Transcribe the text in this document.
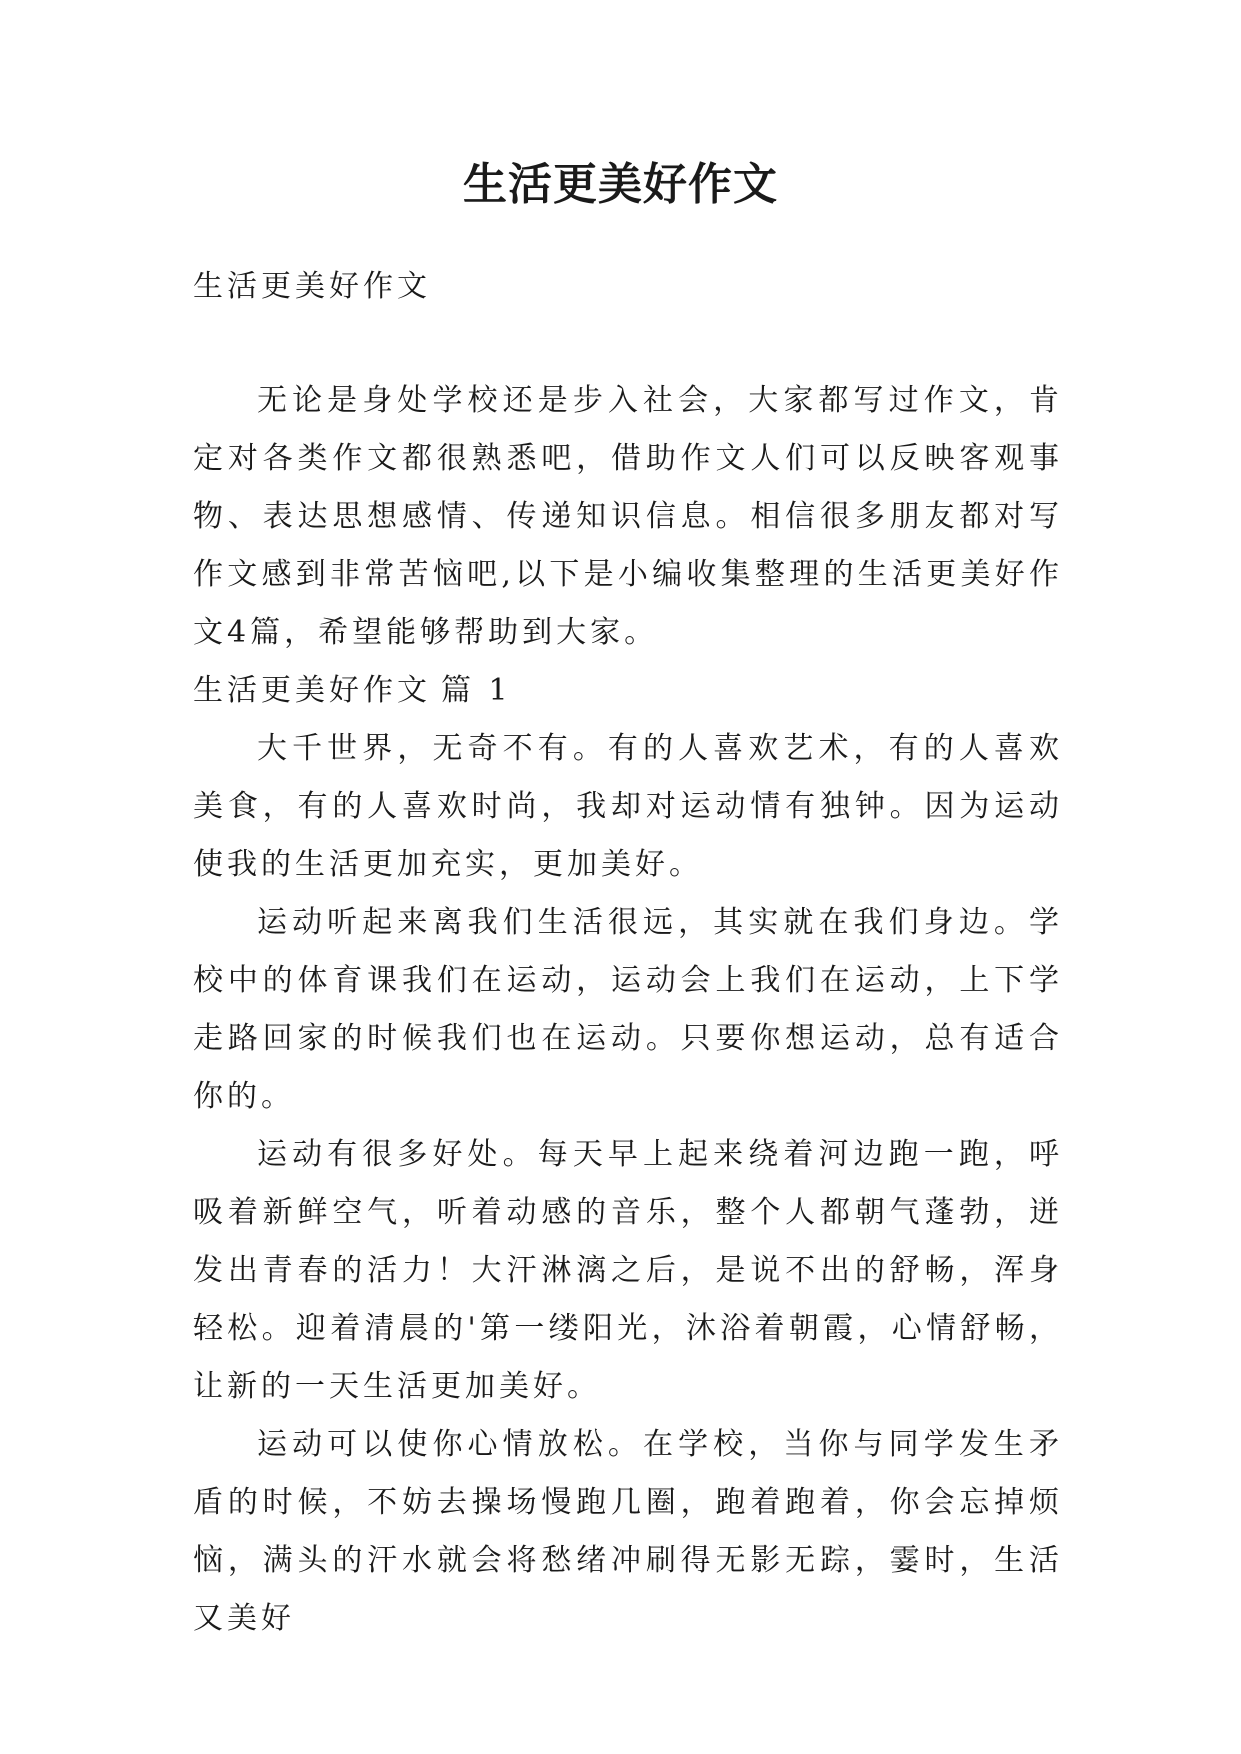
生活更美好作文

生活更美好作文

无论是身处学校还是步入社会，大家都写过作文，肯定对各类作文都很熟悉吧，借助作文人们可以反映客观事物、表达思想感情、传递知识信息。相信很多朋友都对写作文感到非常苦恼吧,以下是小编收集整理的生活更美好作文4篇，希望能够帮助到大家。

生活更美好作文 篇 1

大千世界，无奇不有。有的人喜欢艺术，有的人喜欢美食，有的人喜欢时尚，我却对运动情有独钟。因为运动使我的生活更加充实，更加美好。

运动听起来离我们生活很远，其实就在我们身边。学校中的体育课我们在运动，运动会上我们在运动，上下学走路回家的时候我们也在运动。只要你想运动，总有适合你的。

运动有很多好处。每天早上起来绕着河边跑一跑，呼吸着新鲜空气，听着动感的音乐，整个人都朝气蓬勃，迸发出青春的活力！大汗淋漓之后，是说不出的舒畅，浑身轻松。迎着清晨的'第一缕阳光，沐浴着朝霞，心情舒畅，让新的一天生活更加美好。

运动可以使你心情放松。在学校，当你与同学发生矛盾的时候，不妨去操场慢跑几圈，跑着跑着，你会忘掉烦恼，满头的汗水就会将愁绪冲刷得无影无踪，霎时，生活又美好
